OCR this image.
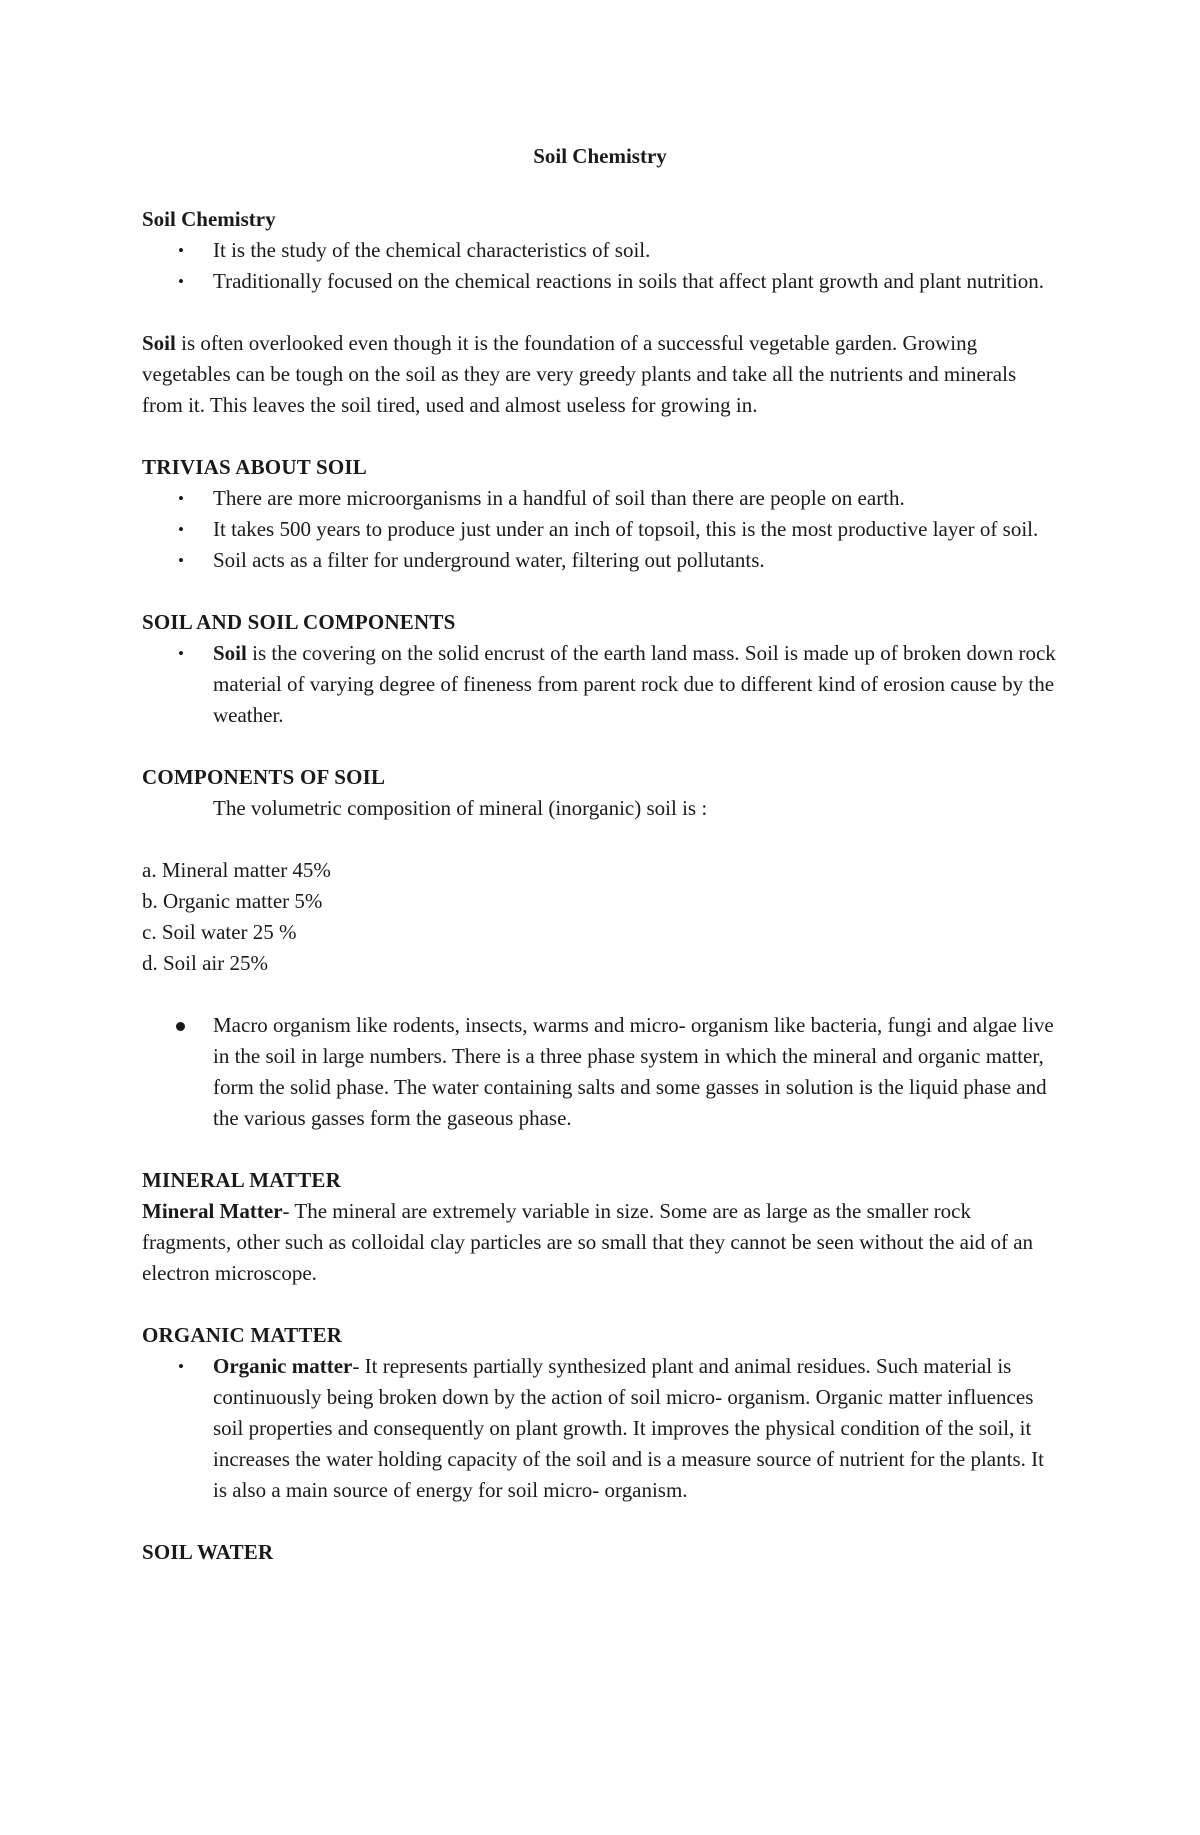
Soil Chemistry
Soil Chemistry
• It is the study of the chemical characteristics of soil.
• Traditionally focused on the chemical reactions in soils that affect plant growth and plant nutrition.

Soil is often overlooked even though it is the foundation of a successful vegetable garden. Growing vegetables can be tough on the soil as they are very greedy plants and take all the nutrients and minerals from it. This leaves the soil tired, used and almost useless for growing in.

TRIVIAS ABOUT SOIL
• There are more microorganisms in a handful of soil than there are people on earth.
• It takes 500 years to produce just under an inch of topsoil, this is the most productive layer of soil.
• Soil acts as a filter for underground water, filtering out pollutants.
SOIL AND SOIL COMPONENTS
• Soil is the covering on the solid encrust of the earth land mass. Soil is made up of broken down rock material of varying degree of fineness from parent rock due to different kind of erosion cause by the weather.
COMPONENTS OF SOIL

The volumetric composition of mineral (inorganic) soil is :

a. Mineral matter 45%
b. Organic matter 5%
c. Soil water 25 %
d. Soil air 25%
Macro organism like rodents, insects, warms and micro- organism like bacteria, fungi and algae live in the soil in large numbers. There is a three phase system in which the mineral and organic matter, form the solid phase. The water containing salts and some gasses in solution is the liquid phase and the various gasses form the gaseous phase.
MINERAL MATTER

Mineral Matter- The mineral are extremely variable in size. Some are as large as the smaller rock fragments, other such as colloidal clay particles are so small that they cannot be seen without the aid of an electron microscope.

ORGANIC MATTER
• Organic matter- It represents partially synthesized plant and animal residues. Such material is continuously being broken down by the action of soil micro- organism. Organic matter influences soil properties and consequently on plant growth. It improves the physical condition of the soil, it increases the water holding capacity of the soil and is a measure source of nutrient for the plants. It is also a main source of energy for soil micro- organism.
SOIL WATER
